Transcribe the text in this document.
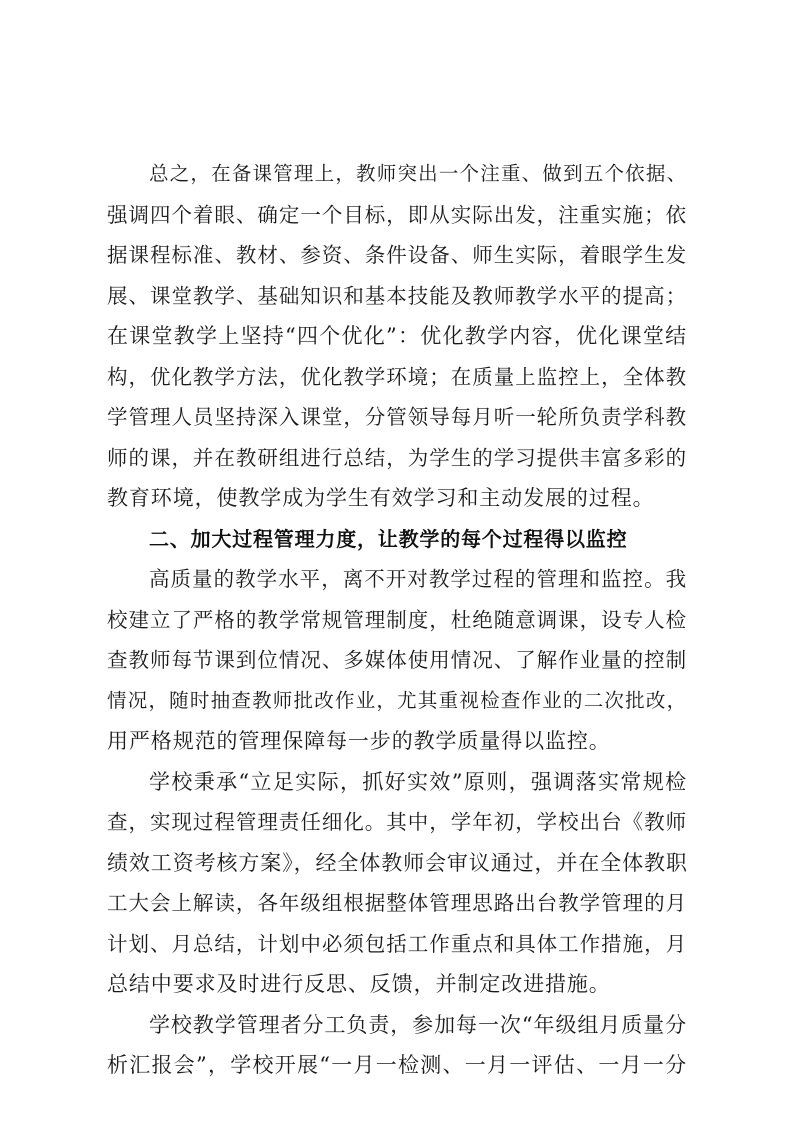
总之，在备课管理上，教师突出一个注重、做到五个依据、
强调四个着眼、确定一个目标，即从实际出发，注重实施；依
据课程标准、教材、参资、条件设备、师生实际，着眼学生发
展、课堂教学、基础知识和基本技能及教师教学水平的提高；
在课堂教学上坚持“四个优化”：优化教学内容，优化课堂结
构，优化教学方法，优化教学环境；在质量上监控上，全体教
学管理人员坚持深入课堂，分管领导每月听一轮所负责学科教
师的课，并在教研组进行总结，为学生的学习提供丰富多彩的
教育环境，使教学成为学生有效学习和主动发展的过程。
二、加大过程管理力度，让教学的每个过程得以监控
高质量的教学水平，离不开对教学过程的管理和监控。我
校建立了严格的教学常规管理制度，杜绝随意调课，设专人检
查教师每节课到位情况、多媒体使用情况、了解作业量的控制
情况，随时抽查教师批改作业，尤其重视检查作业的二次批改，
用严格规范的管理保障每一步的教学质量得以监控。
学校秉承“立足实际，抓好实效”原则，强调落实常规检
查，实现过程管理责任细化。其中，学年初，学校出台《教师
绩效工资考核方案》，经全体教师会审议通过，并在全体教职
工大会上解读，各年级组根据整体管理思路出台教学管理的月
计划、月总结，计划中必须包括工作重点和具体工作措施，月
总结中要求及时进行反思、反馈，并制定改进措施。
学校教学管理者分工负责，参加每一次“年级组月质量分
析汇报会”，学校开展“一月一检测、一月一评估、一月一分
